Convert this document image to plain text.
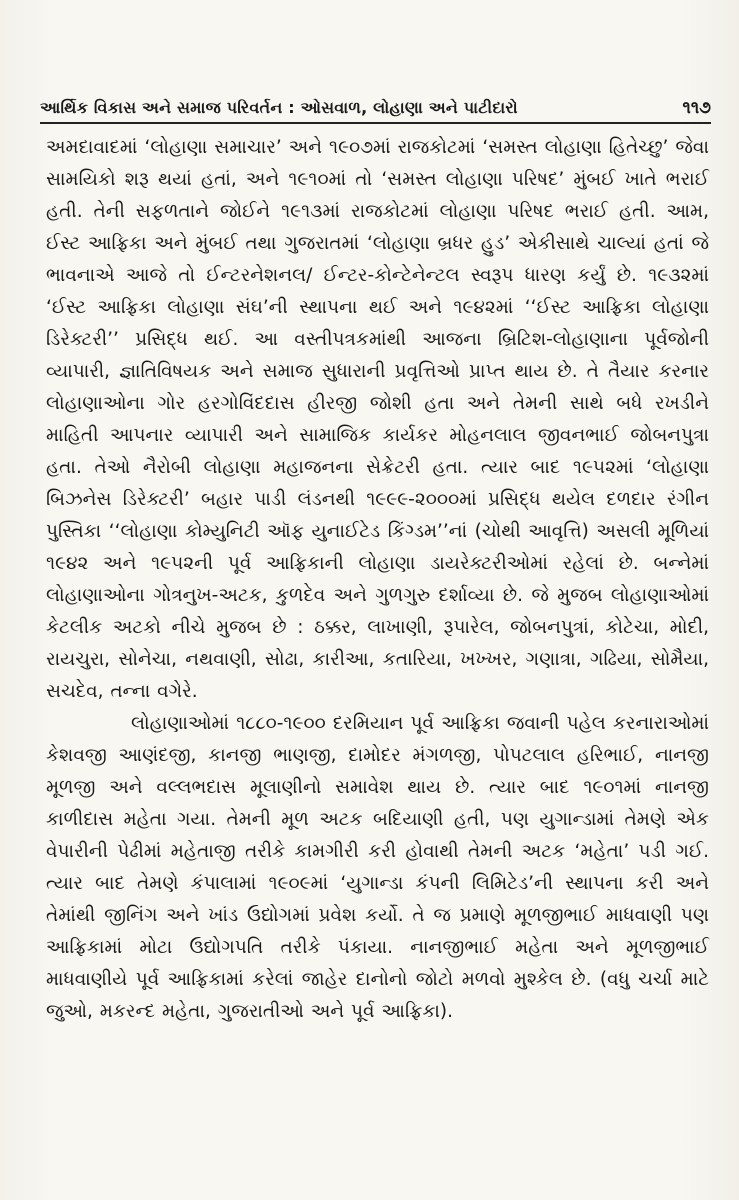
આર્થિક વિકાસ અને સમાજ પરિવર્તન : ઓસવાળ, લોહાણા અને પાટીદારો	૧૧૭

અમદાવાદમાં ‘લોહાણા સમાચાર’ અને ૧૯૦૭માં રાજકોટમાં ‘સમસ્ત લોહાણા હિતેચ્છુ’ જેવા સામયિકો શરૂ થયાં હતાં, અને ૧૯૧૦માં તો ‘સમસ્ત લોહાણા પરિષદ’ મુંબઈ ખાતે ભરાઈ હતી. તેની સફળતાને જોઈને ૧૯૧૩માં રાજકોટમાં લોહાણા પરિષદ ભરાઈ હતી. આમ, ઈસ્ટ આફ્રિકા અને મુંબઈ તથા ગુજરાતમાં ‘લોહાણા બ્રધર હુડ’ એકીસાથે ચાલ્યાં હતાં જે ભાવનાએ આજે તો ઈન્ટરનેશનલ/ ઈન્ટર-કોન્ટેનેન્ટલ સ્વરૂપ ધારણ કર્યું છે. ૧૯૩૨માં ‘ઈસ્ટ આફ્રિકા લોહાણા સંઘ’ની સ્થાપના થઈ અને ૧૯૪૨માં ‘‘ઈસ્ટ આફ્રિકા લોહાણા ડિરેક્ટરી’’ પ્રસિદ્ધ થઈ. આ વસ્તીપત્રકમાંથી આજના બ્રિટિશ-લોહાણાના પૂર્વજોની વ્યાપારી, જ્ઞાતિવિષયક અને સમાજ સુધારાની પ્રવૃત્તિઓ પ્રાપ્ત થાય છે. તે તૈયાર કરનાર લોહાણાઓના ગોર હરગોવિંદદાસ હીરજી જોશી હતા અને તેમની સાથે બધે રખડીને માહિતી આપનાર વ્યાપારી અને સામાજિક કાર્યકર મોહનલાલ જીવનભાઈ જોબનપુત્રા હતા. તેઓ નૈરોબી લોહાણા મહાજનના સેક્રેટરી હતા. ત્યાર બાદ ૧૯૫૨માં ‘લોહાણા બિઝનેસ ડિરેક્ટરી’ બહાર પાડી લંડનથી ૧૯૯૯-૨૦૦૦માં પ્રસિદ્ધ થયેલ દળદાર રંગીન પુસ્તિકા ‘‘લોહાણા કોમ્યુનિટી ઑફ યુનાઈટેડ કિંગ્ડમ’’નાં (ચોથી આવૃત્તિ) અસલી મૂળિયાં ૧૯૪૨ અને ૧૯૫૨ની પૂર્વ આફ્રિકાની લોહાણા ડાયરેક્ટરીઓમાં રહેલાં છે. બન્નેમાં લોહાણાઓના ગોત્રનુખ-અટક, કુળદેવ અને ગુળગુરુ દર્શાવ્યા છે. જે મુજબ લોહાણાઓમાં કેટલીક અટકો નીચે મુજબ છે : ઠક્કર, લાખાણી, રૂપારેલ, જોબનપુત્રાં, કોટેચા, મોદી, રાયચુરા, સોનેચા, નથવાણી, સોઢા, કારીઆ, કતારિયા, ખખ્ખર, ગણાત્રા, ગઢિયા, સોમૈયા, સચદેવ, તન્ના વગેરે.

લોહાણાઓમાં ૧૮૮૦-૧૯૦૦ દરમિયાન પૂર્વ આફ્રિકા જવાની પહેલ કરનારાઓમાં કેશવજી આણંદજી, કાનજી ભાણજી, દામોદર મંગળજી, પોપટલાલ હરિભાઈ, નાનજી મૂળજી અને વલ્લભદાસ મૂલાણીનો સમાવેશ થાય છે. ત્યાર બાદ ૧૯૦૧માં નાનજી કાળીદાસ મહેતા ગયા. તેમની મૂળ અટક બદિયાણી હતી, પણ યુગાન્ડામાં તેમણે એક વેપારીની પેઢીમાં મહેતાજી તરીકે કામગીરી કરી હોવાથી તેમની અટક ‘મહેતા’ પડી ગઈ. ત્યાર બાદ તેમણે કંપાલામાં ૧૯૦૯માં ‘યુગાન્ડા કંપની લિમિટેડ’ની સ્થાપના કરી અને તેમાંથી જીનિંગ અને ખાંડ ઉદ્યોગમાં પ્રવેશ કર્યો. તે જ પ્રમાણે મૂળજીભાઈ માધવાણી પણ આફ્રિકામાં મોટા ઉદ્યોગપતિ તરીકે પંકાયા. નાનજીભાઈ મહેતા અને મૂળજીભાઈ માધવાણીયે પૂર્વ આફ્રિકામાં કરેલાં જાહેર દાનોનો જોટો મળવો મુશ્કેલ છે. (વધુ ચર્ચા માટે જુઓ, મકરન્દ મહેતા, ગુજરાતીઓ અને પૂર્વ આફ્રિકા).
